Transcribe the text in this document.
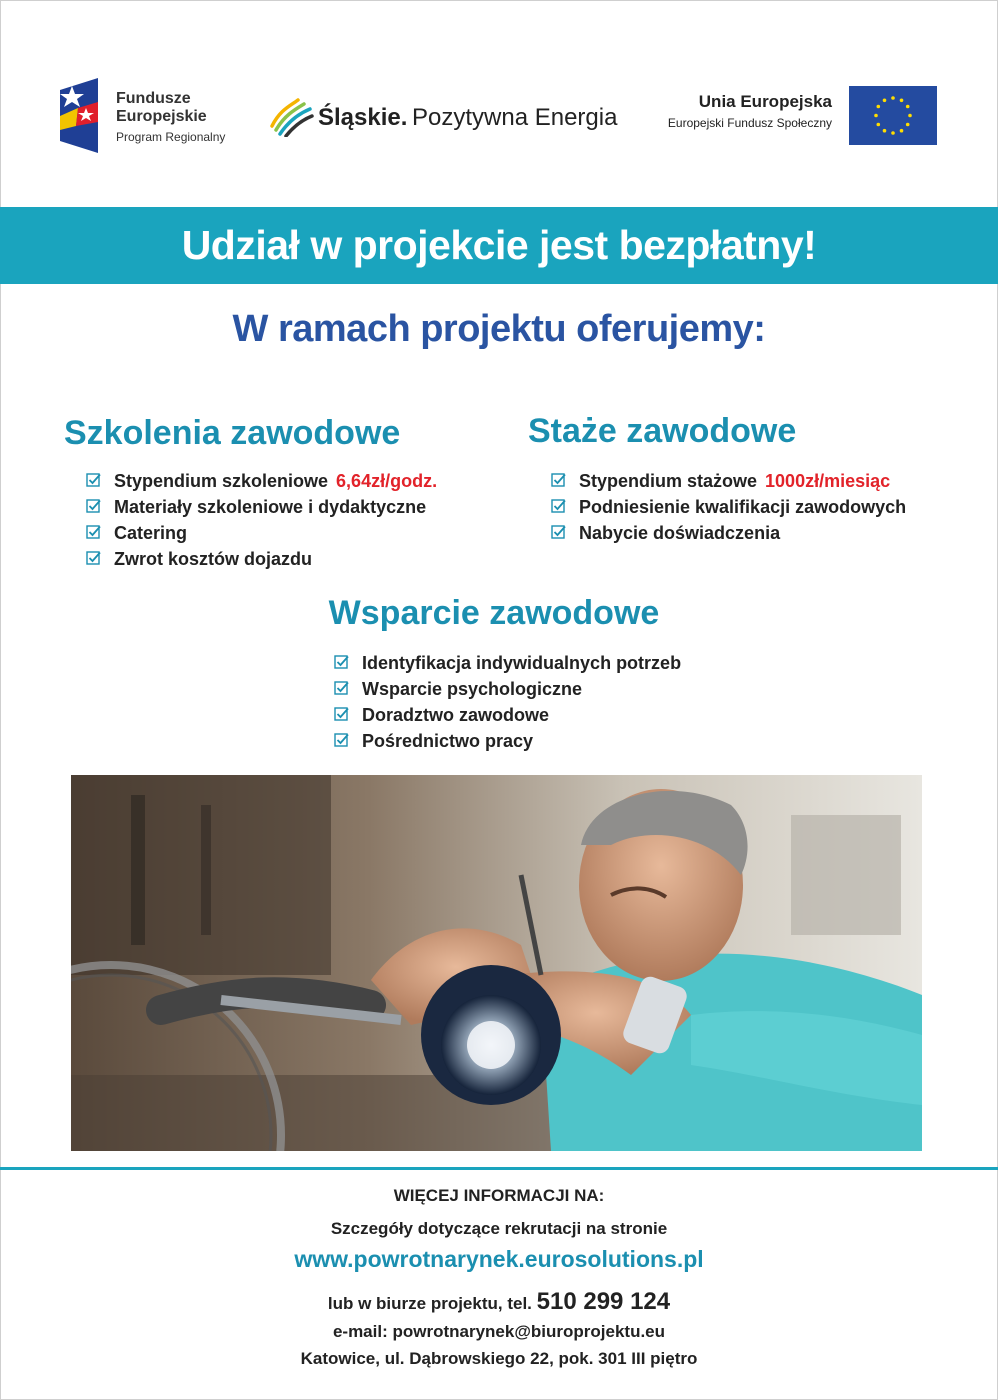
Fundusze
Europejskie
Program Regionalny
Śląskie. Pozytywna Energia
Unia Europejska
Europejski Fundusz Społeczny
Udział w projekcie jest bezpłatny!
W ramach projektu oferujemy:
Szkolenia zawodowe
Stypendium szkoleniowe 6,64zł/godz.
Materiały szkoleniowe i dydaktyczne
Catering
Zwrot kosztów dojazdu
Staże zawodowe
Stypendium stażowe 1000zł/miesiąc
Podniesienie kwalifikacji zawodowych
Nabycie doświadczenia
Wsparcie zawodowe
Identyfikacja indywidualnych potrzeb
Wsparcie psychologiczne
Doradztwo zawodowe
Pośrednictwo pracy

WIĘCEJ INFORMACJI NA:

Szczegóły dotyczące rekrutacji na stronie

www.powrotnarynek.eurosolutions.pl

lub w biurze projektu, tel. 510 299 124

e-mail: powrotnarynek@biuroprojektu.eu

Katowice, ul. Dąbrowskiego 22, pok. 301 III piętro
